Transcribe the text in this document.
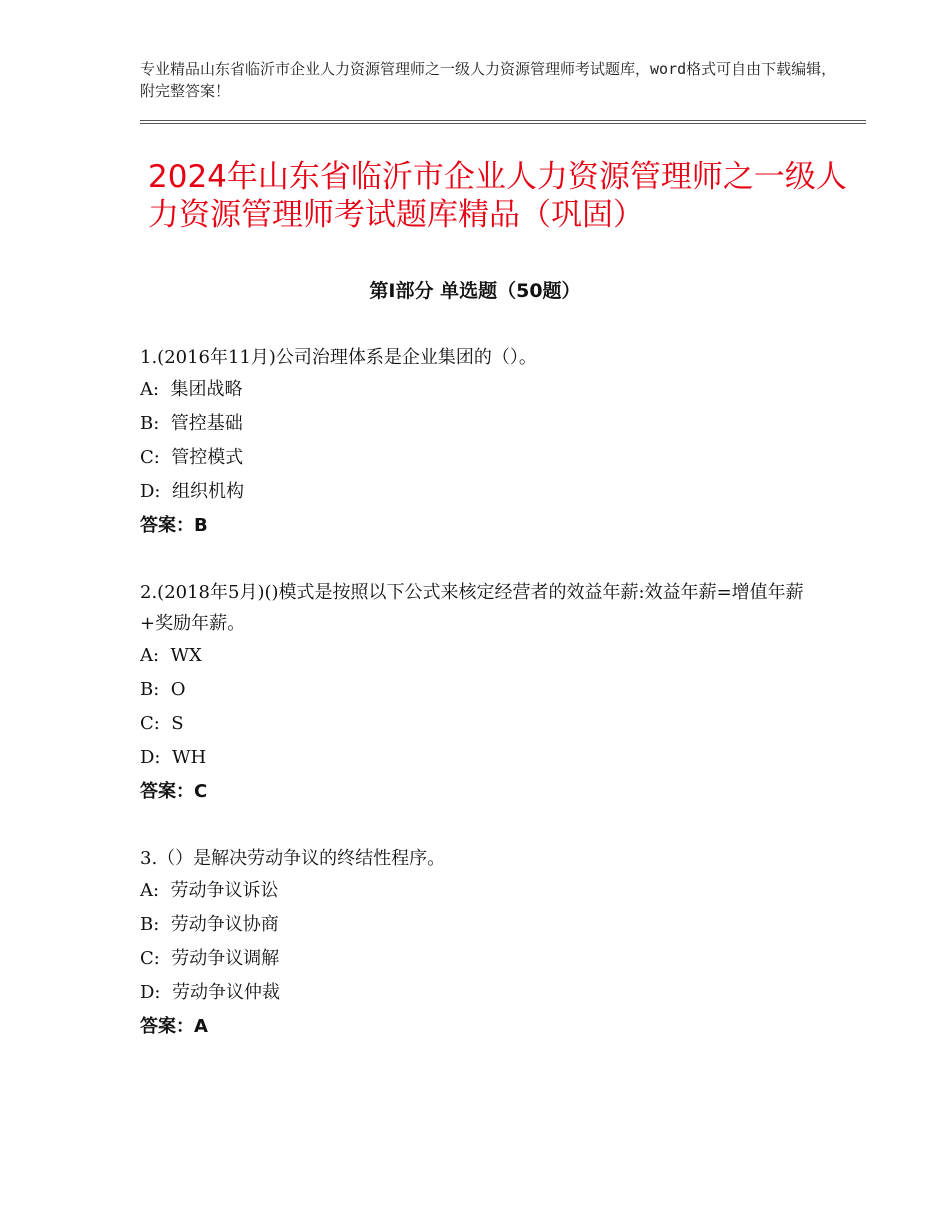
专业精品山东省临沂市企业人力资源管理师之一级人力资源管理师考试题库，word格式可自由下载编辑，附完整答案！
2024年山东省临沂市企业人力资源管理师之一级人力资源管理师考试题库精品（巩固）
第Ⅰ部分 单选题（50题）

1.(2016年11月)公司治理体系是企业集团的（）。

A:  集团战略

B:  管控基础

C:  管控模式

D:  组织机构

答案：B

2.(2018年5月)()模式是按照以下公式来核定经营者的效益年薪:效益年薪=增值年薪+奖励年薪。

A:  WX

B:  O

C:  S

D:  WH

答案：C

3.（）是解决劳动争议的终结性程序。

A:  劳动争议诉讼

B:  劳动争议协商

C:  劳动争议调解

D:  劳动争议仲裁

答案：A
